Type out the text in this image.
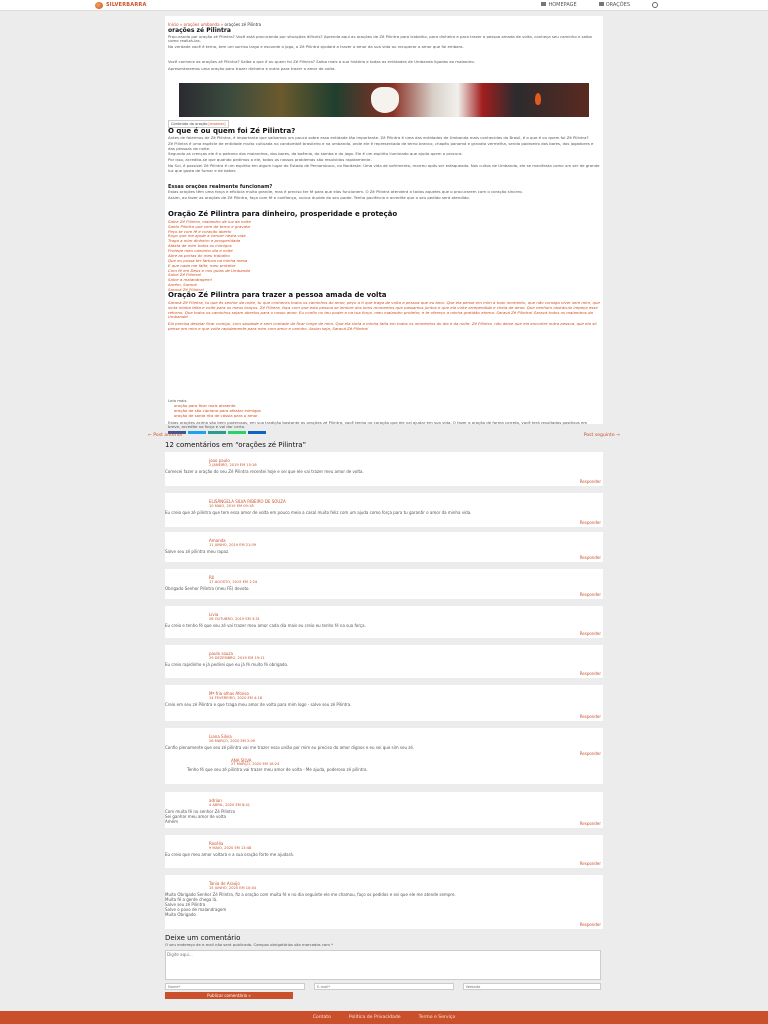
SILVERBARRA	HOMEPAGE	ORAÇÕES
Início » orações umbanda » orações zé Pilintra
orações zé Pilintra

Procurando por oração zé Pilintra? Você está procurando por situações difíceis? Aprenda aqui as orações de Zé Pilintra para trabalho, para dinheiro e para trazer a pessoa amada de volta, conheça seu caminho e saiba como realizá-las.

Na verdade você é terno, tem um sorriso largo e esconde o jogo, o Zé Pilintra ajudará a trazer o amor da sua vida ou recuperar o amor que foi embora.

Você conhece as orações zé Pilintra? Saiba o que é ou quem foi Zé Pilintra? Saiba mais a sua história e todas as entidades de Umbanda ligadas ao malandro.

Apresentaremos uma oração para trazer dinheiro e outra para trazer o amor de volta.

Conteúdo da oração [mostrar]

O que é ou quem foi Zé Pilintra?

Antes de falarmos de Zé Pilintra, é importante que saibamos um pouco sobre essa entidade tão importante. Zé Pilintra é uma das entidades de Umbanda mais conhecidas do Brasil, é o que é ou quem foi Zé Pilintra?

Zé Pilintra é uma espécie de entidade muito cultuada no candomblé brasileiro e na umbanda, onde ele é representado de terno branco, chapéu panamá e gravata vermelha, sendo padroeiro dos bares, dos jogadores e das pessoas da noite.

Segundo as crenças ele é o patrono dos malandros, dos bares, da boêmia, do samba e do jogo. Ele é um espírito iluminado que ajuda quem o procura.

Por isso, acredita-se que quando pedimos a ele, todos os nossos problemas são resolvidos rapidamente.

No Sul, é possível Zé Pilintra é um espírito em algum lugar do Estado de Pernambuco, no Nordeste. Uma vida de sofrimento, morreu após ser esfaqueado. Nos cultos de Umbanda, ele se manifesta como um ser de grande luz que gosta de fumar e de beber.

Essas orações realmente funcionam?

Estas orações têm uma força e eficácia muito grande, mas é preciso ter fé para que elas funcionem. O Zé Pilintra atenderá a todos aqueles que o procurarem com o coração sincero.

Assim, ao fazer as orações de Zé Pilintra, faça com fé e confiança, nunca duvide do seu poder. Tenha paciência e acredite que o seu pedido será atendido.

Oração Zé Pilintra para dinheiro, prosperidade e proteção

Salve Zé Pilintra, malandro de luz da noite
Santo Pilintra que vem de terno e gravata
Peço-te com fé e coração aberto
Rogo que me ajude a vencer nesta vida
Traga a mim dinheiro e prosperidade
Afasta de mim todos os inimigos
Protege meu caminho dia e noite
Abre as portas do meu trabalho
Que eu possa ter fartura na minha mesa
E que nada me falte, meu protetor
Com fé em Deus e nos guias de Umbanda
Salve Zé Pilintra!
Salve a malandragem!
Amém, Saravá
Saravá Zé Pilintra!

Oração Zé Pilintra para trazer a pessoa amada de volta

Saravá Zé Pilintra, tu que és senhor da noite, tu que conheces todos os caminhos do amor, peço a ti que traga de volta a pessoa que eu amo. Que ela pense em mim a todo momento, que não consiga viver sem mim, que sinta minha falta e volte para os meus braços. Zé Pilintra, faça com que esta pessoa se lembre dos bons momentos que passamos juntos e que ela volte arrependida e cheia de amor. Que nenhum obstáculo impeça esse retorno. Que todos os caminhos sejam abertos para o nosso amor. Eu confio no teu poder e na tua força, meu malandro protetor, e te ofereço a minha gratidão eterna. Saravá Zé Pilintra! Saravá todos os malandros da Umbanda!

Ela precisa desejar ficar comigo, com saudade e sem vontade de ficar longe de mim. Que ela sinta a minha falta em todos os momentos do dia e da noite. Zé Pilintra, não deixe que ela encontre outra pessoa, que ela só pense em mim e que volte rapidamente para mim com amor e carinho. Assim seja, Saravá Zé Pilintra!

Leia mais

oração para ficar mais atraente
oração de são cipriano para afastar inimigos
oração de santa rita de cássia para o amor

Estas orações acima são bem poderosas, em sua tradição bastante as orações zé Pilintra, você tenha no coração que ele vai ajudar em sua vida. O fazer a oração de forma correta, você terá resultados positivos em breve, acredite na força e vai dar certo.

← Post anterior	Post seguinte →
12 comentários em “orações zé Pilintra”
joao paulo
2 JANEIRO, 2019 EM 15:16
Comecei fazer a oração do seu Zé Pilintra recentei hoje e sei que ele vai trazer meu amor de volta.
Responder
ELISÂNGELA SILVA RIBEIRO DE SOUZA
10 MAIO, 2019 EM 09:18
Eu creio que zé pilintra que tem essa amor de volta em pouco meio a casal muito feliz com um ajuda como força para tu garantir o amor da minha vida.
Responder
Amanda
11 JUNHO, 2019 EM 21:09
Salve seu zé pilintra meu rapaz.
Responder
Rô
17 AGOSTO, 2019 EM 1:24
Obrigado Senhor Pilintra (meu FÉ) devoto.
Responder
Lívia
28 OUTUBRO, 2019 EM 3:31
Eu creio e tenho fé que seu zé vai trazer meu amor cada dia mais eu creio eu tenho fé na sua força.
Responder
paulo souza
29 DEZEMBRO, 2019 EM 19:11
Eu creio rapidinho e já pedirei que eu já fé muito fé obrigado.
Responder
Mª fria olhas Afonso
14 FEVEREIRO, 2020 EM 4:18
Creio em seu zé Pilintra e que traga meu amor de volta para mim logo - salve seu zé Pilintra.
Responder
Liana Silvia
26 MARÇO, 2020 EM 2:09
Confio plenamente que seu zé pilintra vai me trazer essa união por mim eu preciso do amor dignos e eu sei que sim seu zé.
Responder
ANA SILVA
27 MARÇO, 2020 EM 18:24
Tenho fé que seu zé pilintra vai trazer meu amor de volta - Me ajuda, poderoso zé pilintra.
adrian
4 ABRIL, 2020 EM 8:41
Com muita fé no senhor Zé Pilintra
Sei ganhar meu amor de volta
Amém	Responder
Rosélia
9 MAIO, 2020 EM 13:48
Eu creio que meu amor voltará e a sua oração forte me ajudará.
Responder
Tania de Araújo
15 JUNHO, 2020 EM 10:44
Muito Obrigado Senhor Zé Pilintra, fiz a oração com muita fé e no dia seguinte ele me chamou, faço os pedidos e sei que ele me atende sempre.
Muita fé a gente chega lá.
Salve seu zé Pilintra
Salve o povo de malandragem
Muito Obrigado
Responder
Deixe um comentário
O seu endereço de e-mail não será publicado. Campos obrigatórios são marcados com *
Digite aqui...
Nome*
E-mail*
Website
Publicar comentário »
Contato	Política de Privacidade	Termo e Serviço
